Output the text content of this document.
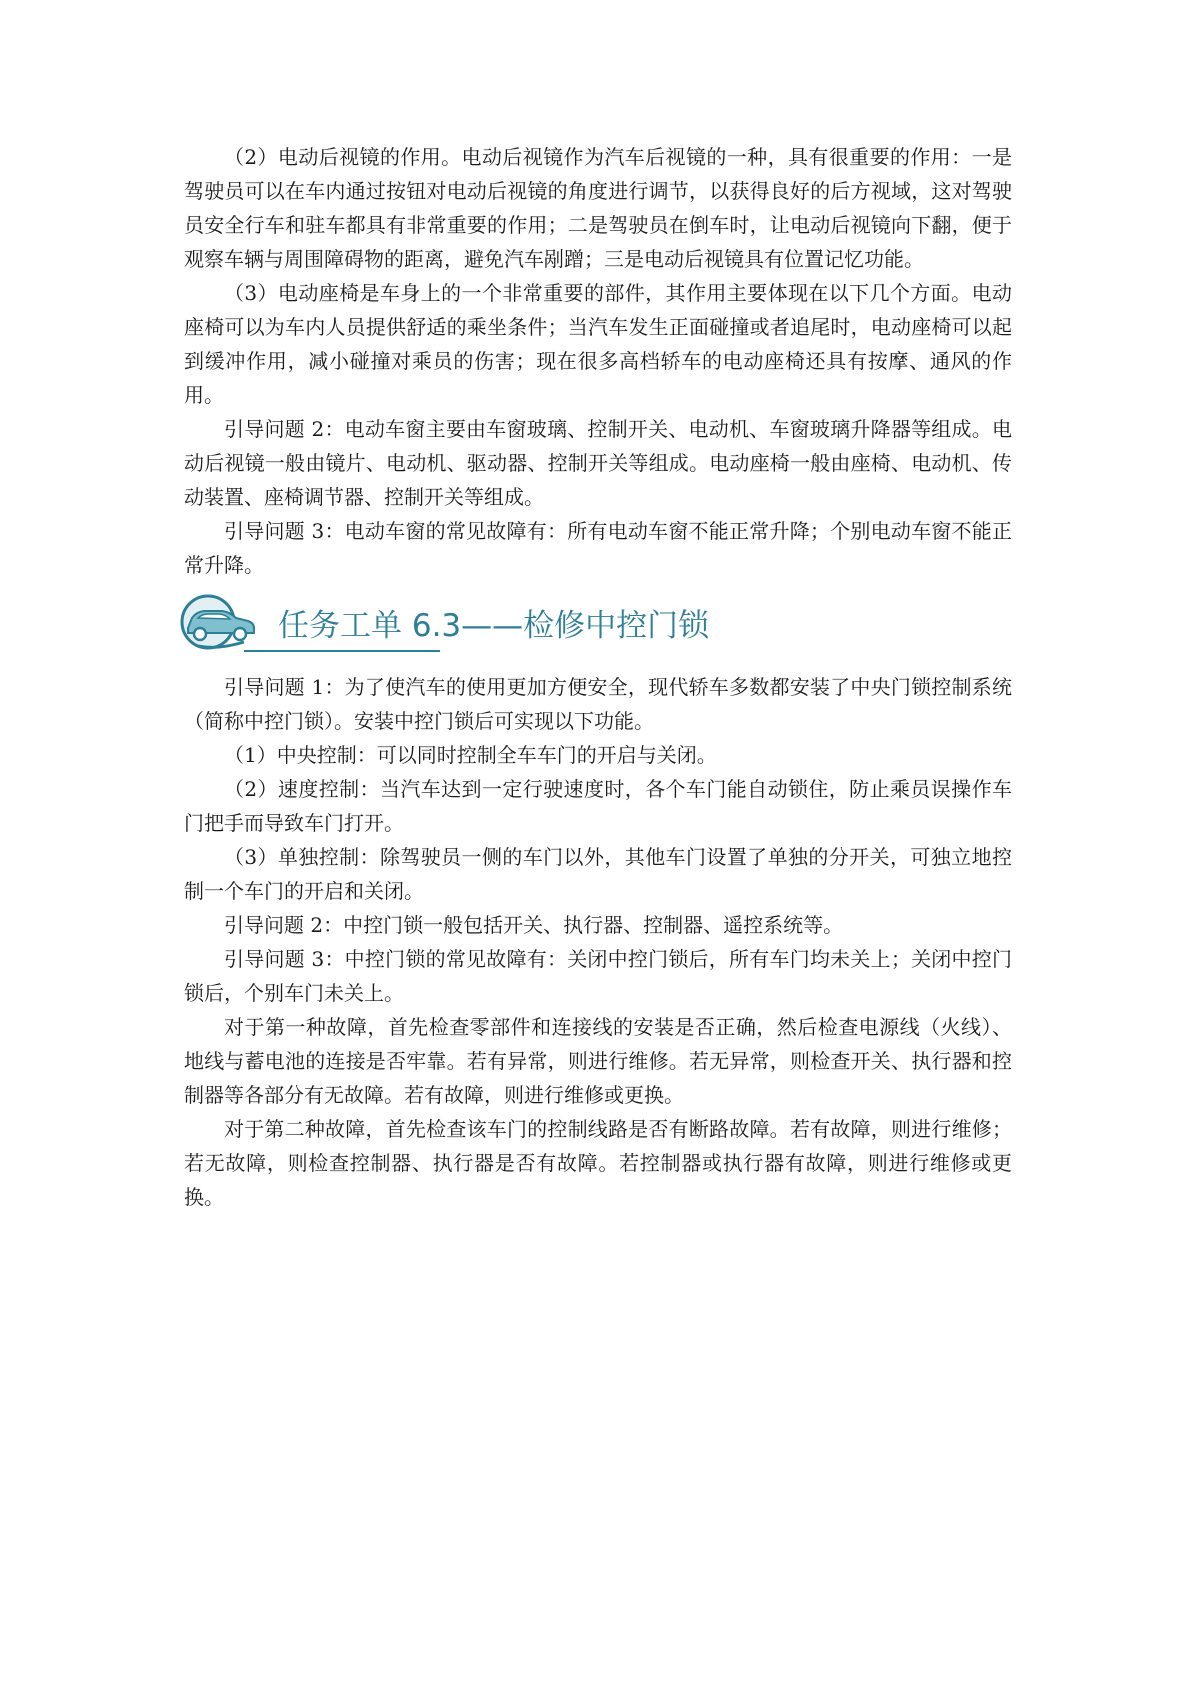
（2）电动后视镜的作用。电动后视镜作为汽车后视镜的一种，具有很重要的作用：一是驾驶员可以在车内通过按钮对电动后视镜的角度进行调节，以获得良好的后方视域，这对驾驶员安全行车和驻车都具有非常重要的作用；二是驾驶员在倒车时，让电动后视镜向下翻，便于观察车辆与周围障碍物的距离，避免汽车剐蹭；三是电动后视镜具有位置记忆功能。

（3）电动座椅是车身上的一个非常重要的部件，其作用主要体现在以下几个方面。电动座椅可以为车内人员提供舒适的乘坐条件；当汽车发生正面碰撞或者追尾时，电动座椅可以起到缓冲作用，减小碰撞对乘员的伤害；现在很多高档轿车的电动座椅还具有按摩、通风的作用。

引导问题 2：电动车窗主要由车窗玻璃、控制开关、电动机、车窗玻璃升降器等组成。电动后视镜一般由镜片、电动机、驱动器、控制开关等组成。电动座椅一般由座椅、电动机、传动装置、座椅调节器、控制开关等组成。

引导问题 3：电动车窗的常见故障有：所有电动车窗不能正常升降；个别电动车窗不能正常升降。

任务工单 6.3——检修中控门锁

引导问题 1：为了使汽车的使用更加方便安全，现代轿车多数都安装了中央门锁控制系统（简称中控门锁）。安装中控门锁后可实现以下功能。

（1）中央控制：可以同时控制全车车门的开启与关闭。

（2）速度控制：当汽车达到一定行驶速度时，各个车门能自动锁住，防止乘员误操作车门把手而导致车门打开。

（3）单独控制：除驾驶员一侧的车门以外，其他车门设置了单独的分开关，可独立地控制一个车门的开启和关闭。

引导问题 2：中控门锁一般包括开关、执行器、控制器、遥控系统等。

引导问题 3：中控门锁的常见故障有：关闭中控门锁后，所有车门均未关上；关闭中控门锁后，个别车门未关上。

对于第一种故障，首先检查零部件和连接线的安装是否正确，然后检查电源线（火线）、地线与蓄电池的连接是否牢靠。若有异常，则进行维修。若无异常，则检查开关、执行器和控制器等各部分有无故障。若有故障，则进行维修或更换。

对于第二种故障，首先检查该车门的控制线路是否有断路故障。若有故障，则进行维修；若无故障，则检查控制器、执行器是否有故障。若控制器或执行器有故障，则进行维修或更换。
